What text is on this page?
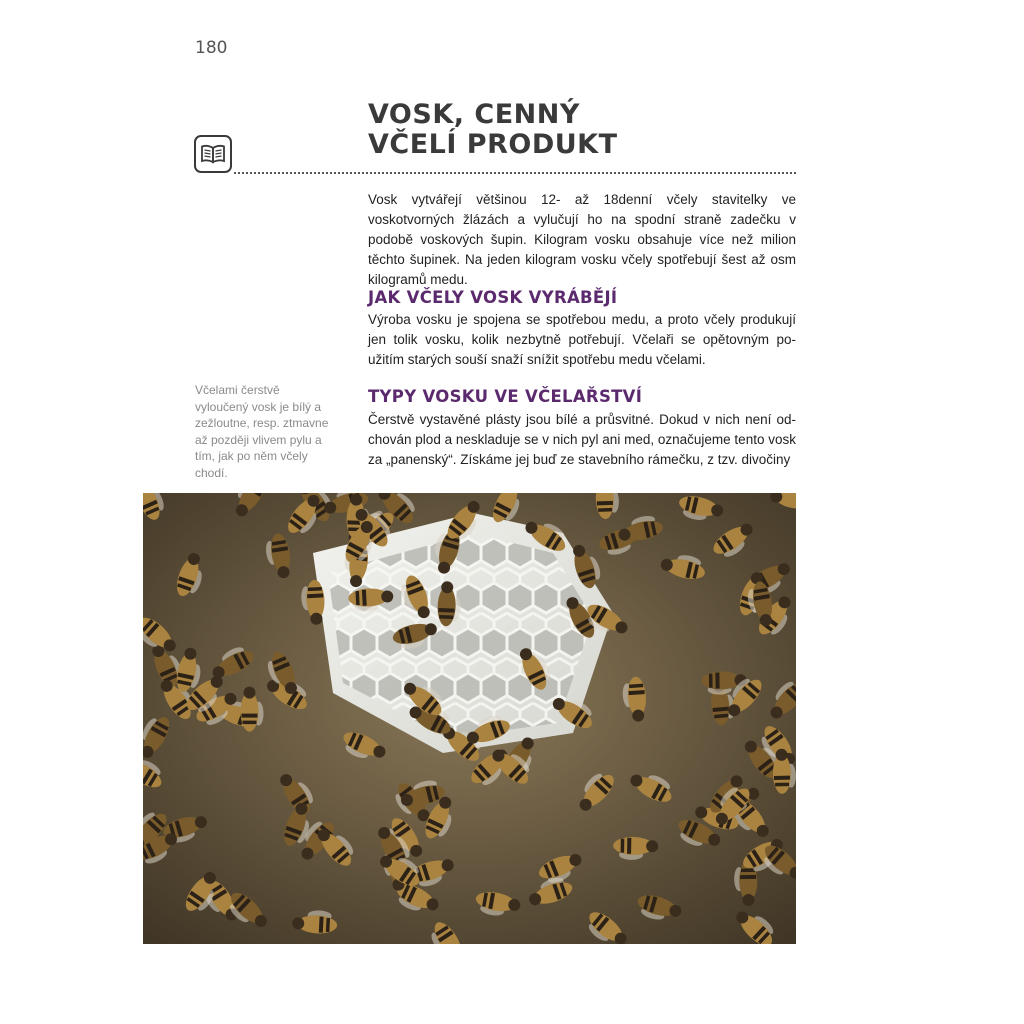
180
VOSK, CENNÝ
VČELÍ PRODUKT

Vosk vytvářejí většinou 12- až 18denní včely stavitelky ve voskotvorných žlázách a vylučují ho na spodní straně zadečku v podobě voskových šupin. Kilogram vosku obsahuje více než milion těchto šupinek. Na jeden kilogram vosku včely spotřebují šest až osm kilogramů medu.

JAK VČELY VOSK VYRÁBĚJÍ

Výroba vosku je spojena se spotřebou medu, a proto včely produkují jen tolik vosku, kolik nezbytně potřebují. Včelaři se opětovným po-užitím starých souší snaží snížit spotřebu medu včelami.

Včelami čerstvě vyloučený vosk je bílý a zežloutne, resp. ztmavne až později vlivem pylu a tím, jak po něm včely chodí.

TYPY VOSKU VE VČELAŘSTVÍ

Čerstvě vystavěné plásty jsou bílé a průsvitné. Dokud v nich není od-chován plod a neskladuje se v nich pyl ani med, označujeme tento vosk za „panenský“. Získáme jej buď ze stavebního rámečku, z tzv. divočiny
